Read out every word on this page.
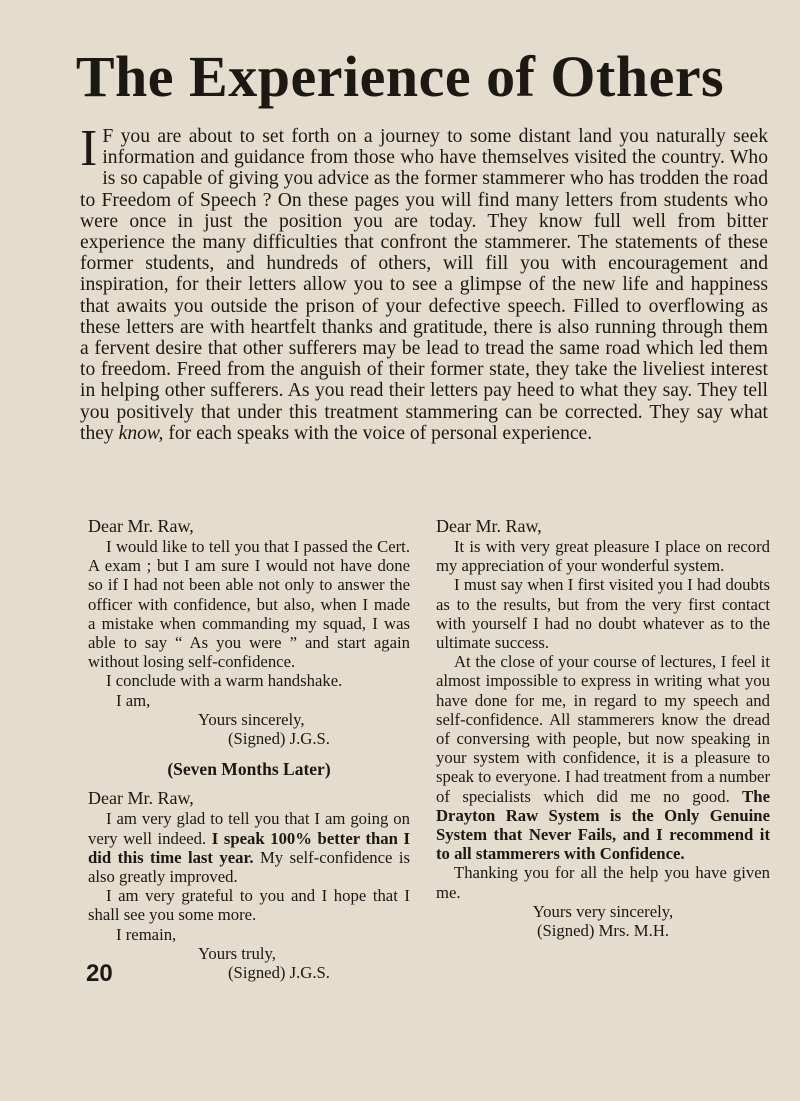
The Experience of Others

I F you are about to set forth on a journey to some distant land you naturally seek information and guidance from those who have themselves visited the country. Who is so capable of giving you advice as the former stammerer who has trodden the road to Freedom of Speech ? On these pages you will find many letters from students who were once in just the position you are today. They know full well from bitter experience the many difficulties that confront the stammerer. The statements of these former students, and hundreds of others, will fill you with encouragement and inspiration, for their letters allow you to see a glimpse of the new life and happiness that awaits you outside the prison of your defective speech. Filled to overflowing as these letters are with heartfelt thanks and gratitude, there is also running through them a fervent desire that other sufferers may be lead to tread the same road which led them to freedom. Freed from the anguish of their former state, they take the liveliest interest in helping other sufferers. As you read their letters pay heed to what they say. They tell you positively that under this treatment stammering can be corrected. They say what they know, for each speaks with the voice of personal experience.

Dear Mr. Raw,

I would like to tell you that I passed the Cert. A exam ; but I am sure I would not have done so if I had not been able not only to answer the officer with confidence, but also, when I made a mistake when commanding my squad, I was able to say “ As you were ” and start again without losing self-confidence.

I conclude with a warm handshake.

I am,
Yours sincerely,
(Signed) J.G.S.

(Seven Months Later)

Dear Mr. Raw,

I am very glad to tell you that I am going on very well indeed. I speak 100% better than I did this time last year. My self-confidence is also greatly improved.

I am very grateful to you and I hope that I shall see you some more.

I remain,
Yours truly,
(Signed) J.G.S.

Dear Mr. Raw,

It is with very great pleasure I place on record my appreciation of your wonderful system.

I must say when I first visited you I had doubts as to the results, but from the very first contact with yourself I had no doubt whatever as to the ultimate success.

At the close of your course of lectures, I feel it almost impossible to express in writing what you have done for me, in regard to my speech and self-confidence. All stammerers know the dread of conversing with people, but now speaking in your system with confidence, it is a pleasure to speak to everyone. I had treatment from a number of specialists which did me no good. The Drayton Raw System is the Only Genuine System that Never Fails, and I recommend it to all stammerers with Confidence.

Thanking you for all the help you have given me.

Yours very sincerely,
(Signed) Mrs. M.H.

20
